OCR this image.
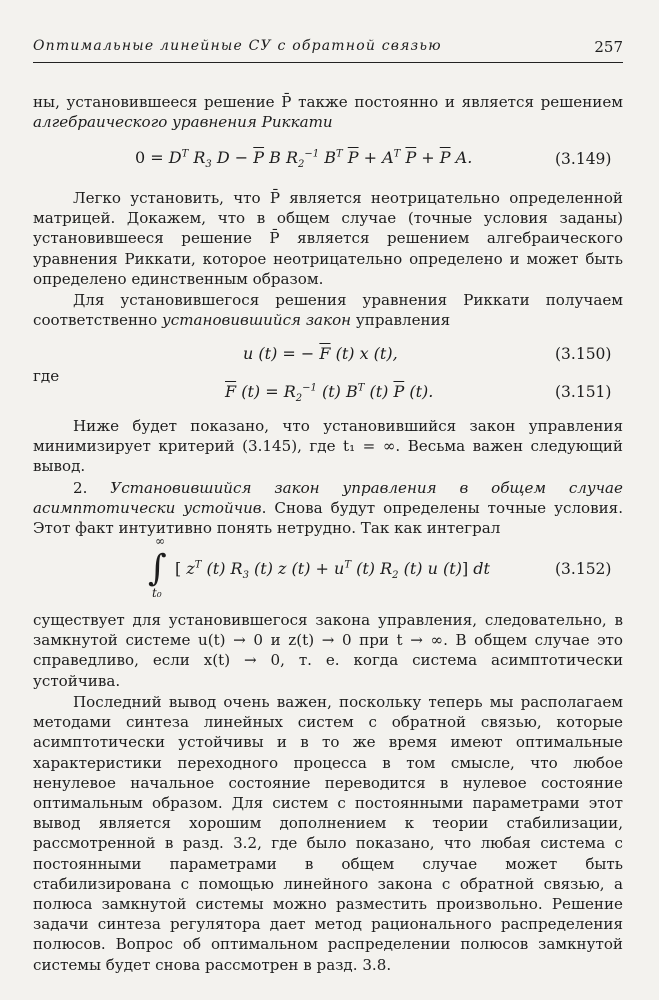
Оптимальные линейные СУ с обратной связью	257
ны, установившееся решение P̄ также постоянно и является решением алгебраического уравнения Риккати
$0 = D^T$ $R_3$ $D - \overline{P}$ B $R_2^{-1}$ $B^T$ $\overline{P} + A^T$ $\overline{P} + \overline{P}$ A.	(3.149)
Легко установить, что P̄ является неотрицательно определенной матрицей. Докажем, что в общем случае (точные условия заданы) установившееся решение P̄ является решением алгебраического уравнения Риккати, которое неотрицательно определено и может быть определено единственным образом.
Для установившегося решения уравнения Риккати получаем соответственно установившийся закон управления
u (t) = − $\overline{F}$ (t) x (t),	(3.150)
где
$\overline{F}$ $(t) = R_2^{-1}$ (t) $B^T$ (t) $\overline{P}$ (t).	(3.151)
Ниже будет показано, что установившийся закон управления минимизирует критерий (3.145), где t₁ = ∞. Весьма важен следующий вывод.
2. Установившийся закон управления в общем случае асимптотически устойчив. Снова будут определены точные условия. Этот факт интуитивно понять нетрудно. Так как интеграл
∫
∞
t₀
[ $z^T$ (t) $R_3$ (t) z $(t) + u^T$ (t) $R_2$ (t) u (t)] dt	(3.152)
существует для установившегося закона управления, следовательно, в замкнутой системе u(t) → 0 и z(t) → 0 при t → ∞. В общем случае это справедливо, если x(t) → 0, т. е. когда система асимптотически устойчива.
Последний вывод очень важен, поскольку теперь мы располагаем методами синтеза линейных систем с обратной связью, которые асимптотически устойчивы и в то же время имеют оптимальные характеристики переходного процесса в том смысле, что любое ненулевое начальное состояние переводится в нулевое состояние оптимальным образом. Для систем с постоянными параметрами этот вывод является хорошим дополнением к теории стабилизации, рассмотренной в разд. 3.2, где было показано, что любая система с постоянными параметрами в общем случае может быть стабилизирована с помощью линейного закона с обратной связью, а полюса замкнутой системы можно разместить произвольно. Решение задачи синтеза регулятора дает метод рационального распределения полюсов. Вопрос об оптимальном распределении полюсов замкнутой системы будет снова рассмотрен в разд. 3.8.
